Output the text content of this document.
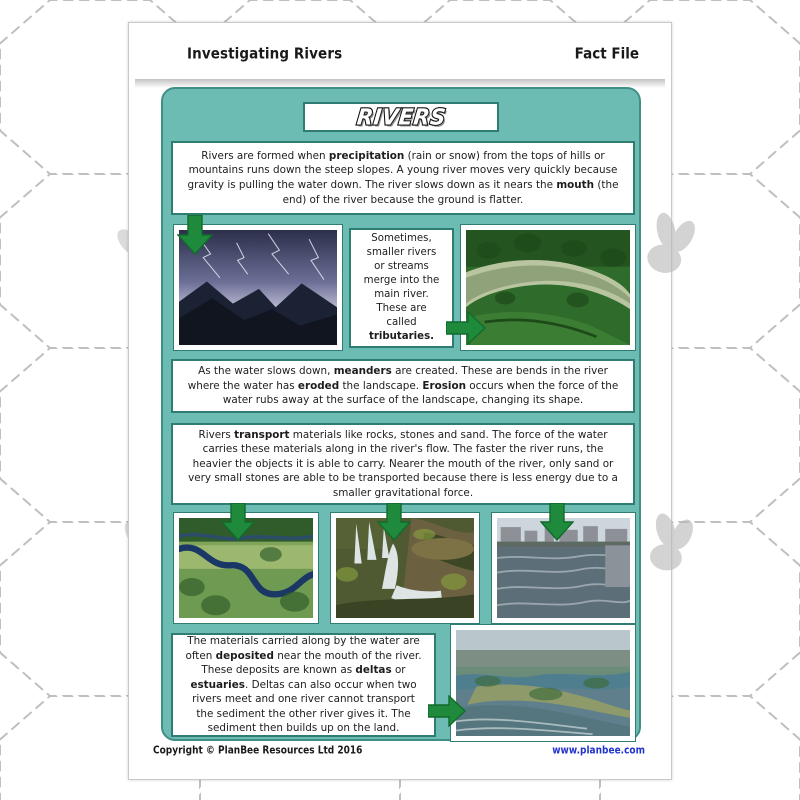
Investigating Rivers	Fact File
RIVERS

Rivers are formed when precipitation (rain or snow) from the tops of hills or mountains runs down the steep slopes. A young river moves very quickly because gravity is pulling the water down. The river slows down as it nears the mouth (the end) of the river because the ground is flatter.

Sometimes, smaller rivers or streams merge into the main river. These are called tributaries.

As the water slows down, meanders are created. These are bends in the river where the water has eroded the landscape. Erosion occurs when the force of the water rubs away at the surface of the landscape, changing its shape.

Rivers transport materials like rocks, stones and sand. The force of the water carries these materials along in the river's flow. The faster the river runs, the heavier the objects it is able to carry. Nearer the mouth of the river, only sand or very small stones are able to be transported because there is less energy due to a smaller gravitational force.

The materials carried along by the water are often deposited near the mouth of the river. These deposits are known as deltas or estuaries. Deltas can also occur when two rivers meet and one river cannot transport the sediment the other river gives it. The sediment then builds up on the land.

Copyright © PlanBee Resources Ltd 2016	www.planbee.com
